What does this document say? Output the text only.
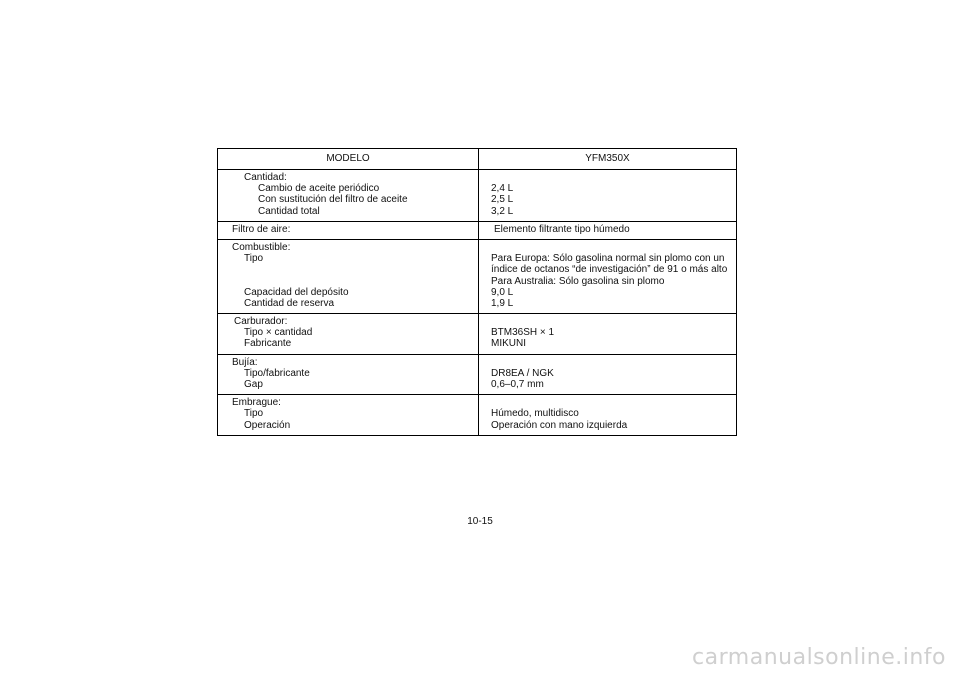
MODELO	YFM350X
Cantidad:
Cambio de aceite periódico
Con sustitución del filtro de aceite
Cantidad total
2,4 L
2,5 L
3,2 L
Filtro de aire:	Elemento filtrante tipo húmedo
Combustible:
Tipo
Capacidad del depósito
Cantidad de reserva
Para Europa: Sólo gasolina normal sin plomo con un
índice de octanos “de investigación” de 91 o más alto
Para Australia: Sólo gasolina sin plomo
9,0 L
1,9 L
Carburador:
Tipo × cantidad
Fabricante
BTM36SH × 1
MIKUNI
Bujía:
Tipo/fabricante
Gap
DR8EA / NGK
0,6–0,7 mm
Embrague:
Tipo
Operación
Húmedo, multidisco
Operación con mano izquierda
10-15
carmanualsonline.info
